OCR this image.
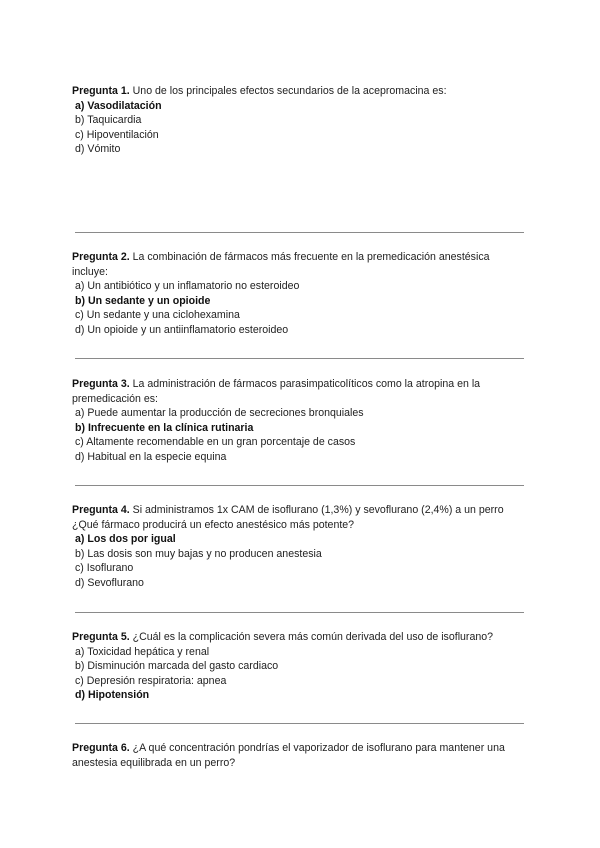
Pregunta 1. Uno de los principales efectos secundarios de la acepromacina es:

a) Vasodilatación

b) Taquicardia

c) Hipoventilación

d) Vómito

Pregunta 2. La combinación de fármacos más frecuente en la premedicación anestésica incluye:

a) Un antibiótico y un inflamatorio no esteroideo

b) Un sedante y un opioide

c) Un sedante y una ciclohexamina

d) Un opioide y un antiinflamatorio esteroideo

Pregunta 3. La administración de fármacos parasimpaticolíticos como la atropina en la premedicación es:

a) Puede aumentar la producción de secreciones bronquiales

b) Infrecuente en la clínica rutinaria

c) Altamente recomendable en un gran porcentaje de casos

d) Habitual en la especie equina

Pregunta 4. Si administramos 1x CAM de isoflurano (1,3%) y sevoflurano (2,4%) a un perro ¿Qué fármaco producirá un efecto anestésico más potente?

a) Los dos por igual

b) Las dosis son muy bajas y no producen anestesia

c) Isoflurano

d) Sevoflurano

Pregunta 5. ¿Cuál es la complicación severa más común derivada del uso de isoflurano?

a) Toxicidad hepática y renal

b) Disminución marcada del gasto cardiaco

c) Depresión respiratoria: apnea

d) Hipotensión

Pregunta 6. ¿A qué concentración pondrías el vaporizador de isoflurano para mantener una anestesia equilibrada en un perro?
